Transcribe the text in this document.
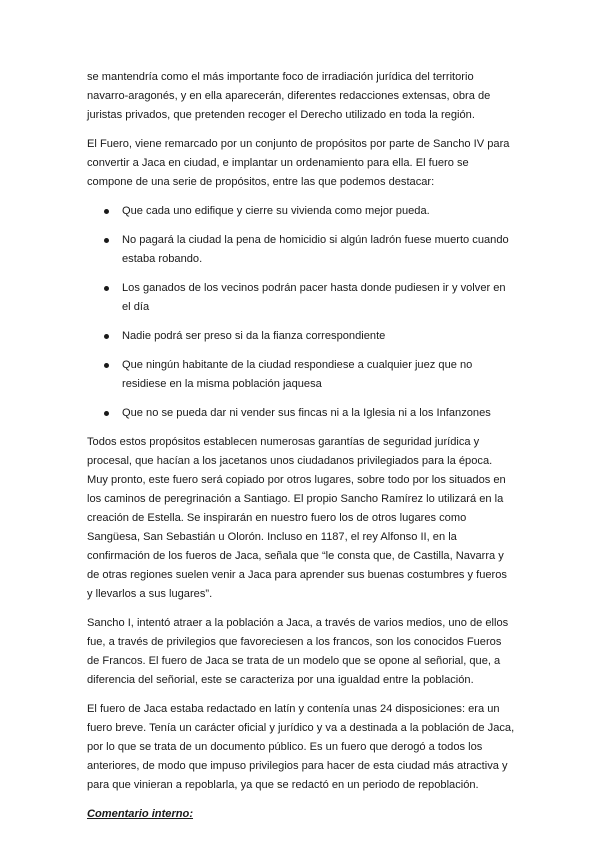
se mantendría como el más importante foco de irradiación jurídica del territorio navarro-aragonés, y en ella aparecerán, diferentes redacciones extensas, obra de juristas privados, que pretenden recoger el Derecho utilizado en toda la región.

El Fuero, viene remarcado por un conjunto de propósitos por parte de Sancho IV para convertir a Jaca en ciudad, e implantar un ordenamiento para ella. El fuero se compone de una serie de propósitos, entre las que podemos destacar:

Que cada uno edifique y cierre su vivienda como mejor pueda.
No pagará la ciudad la pena de homicidio si algún ladrón fuese muerto cuando estaba robando.
Los ganados de los vecinos podrán pacer hasta donde pudiesen ir y volver en el día
Nadie podrá ser preso si da la fianza correspondiente
Que ningún habitante de la ciudad respondiese a cualquier juez que no residiese en la misma población jaquesa
Que no se pueda dar ni vender sus fincas ni a la Iglesia ni a los Infanzones

Todos estos propósitos establecen numerosas garantías de seguridad jurídica y procesal, que hacían a los jacetanos unos ciudadanos privilegiados para la época. Muy pronto, este fuero será copiado por otros lugares, sobre todo por los situados en los caminos de peregrinación a Santiago. El propio Sancho Ramírez lo utilizará en la creación de Estella. Se inspirarán en nuestro fuero los de otros lugares como Sangüesa, San Sebastián u Olorón. Incluso en 1187, el rey Alfonso II, en la confirmación de los fueros de Jaca, señala que “le consta que, de Castilla, Navarra y de otras regiones suelen venir a Jaca para aprender sus buenas costumbres y fueros y llevarlos a sus lugares”.

Sancho I, intentó atraer a la población a Jaca, a través de varios medios, uno de ellos fue, a través de privilegios que favoreciesen a los francos, son los conocidos Fueros de Francos. El fuero de Jaca se trata de un modelo que se opone al señorial, que, a diferencia del señorial, este se caracteriza por una igualdad entre la población.

El fuero de Jaca estaba redactado en latín y contenía unas 24 disposiciones: era un fuero breve. Tenía un carácter oficial y jurídico y va a destinada a la población de Jaca, por lo que se trata de un documento público. Es un fuero que derogó a todos los anteriores, de modo que impuso privilegios para hacer de esta ciudad más atractiva y para que vinieran a repoblarla, ya que se redactó en un periodo de repoblación.

Comentario interno:
